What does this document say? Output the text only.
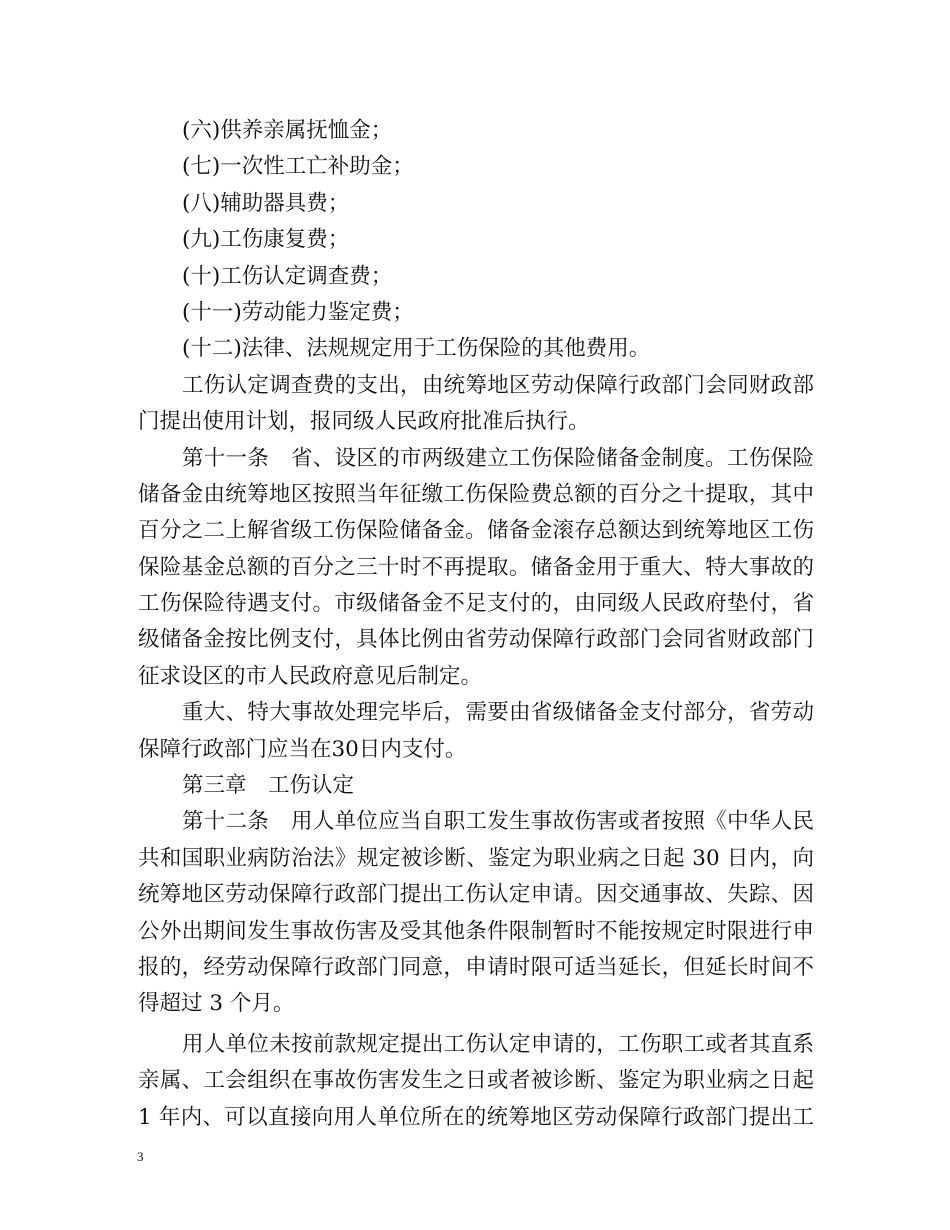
(六)供养亲属抚恤金；
(七)一次性工亡补助金；
(八)辅助器具费；
(九)工伤康复费；
(十)工伤认定调查费；
(十一)劳动能力鉴定费；
(十二)法律、法规规定用于工伤保险的其他费用。
工伤认定调查费的支出，由统筹地区劳动保障行政部门会同财政部
门提出使用计划，报同级人民政府批准后执行。
第十一条　省、设区的市两级建立工伤保险储备金制度。工伤保险
储备金由统筹地区按照当年征缴工伤保险费总额的百分之十提取，其中
百分之二上解省级工伤保险储备金。储备金滚存总额达到统筹地区工伤
保险基金总额的百分之三十时不再提取。储备金用于重大、特大事故的
工伤保险待遇支付。市级储备金不足支付的，由同级人民政府垫付，省
级储备金按比例支付，具体比例由省劳动保障行政部门会同省财政部门
征求设区的市人民政府意见后制定。
重大、特大事故处理完毕后，需要由省级储备金支付部分，省劳动
保障行政部门应当在30日内支付。
第三章　工伤认定
第十二条　用人单位应当自职工发生事故伤害或者按照《中华人民
共和国职业病防治法》规定被诊断、鉴定为职业病之日起 30 日内，向
统筹地区劳动保障行政部门提出工伤认定申请。因交通事故、失踪、因
公外出期间发生事故伤害及受其他条件限制暂时不能按规定时限进行申
报的，经劳动保障行政部门同意，申请时限可适当延长，但延长时间不
得超过 3 个月。
用人单位未按前款规定提出工伤认定申请的，工伤职工或者其直系
亲属、工会组织在事故伤害发生之日或者被诊断、鉴定为职业病之日起
1 年内、可以直接向用人单位所在的统筹地区劳动保障行政部门提出工
3
